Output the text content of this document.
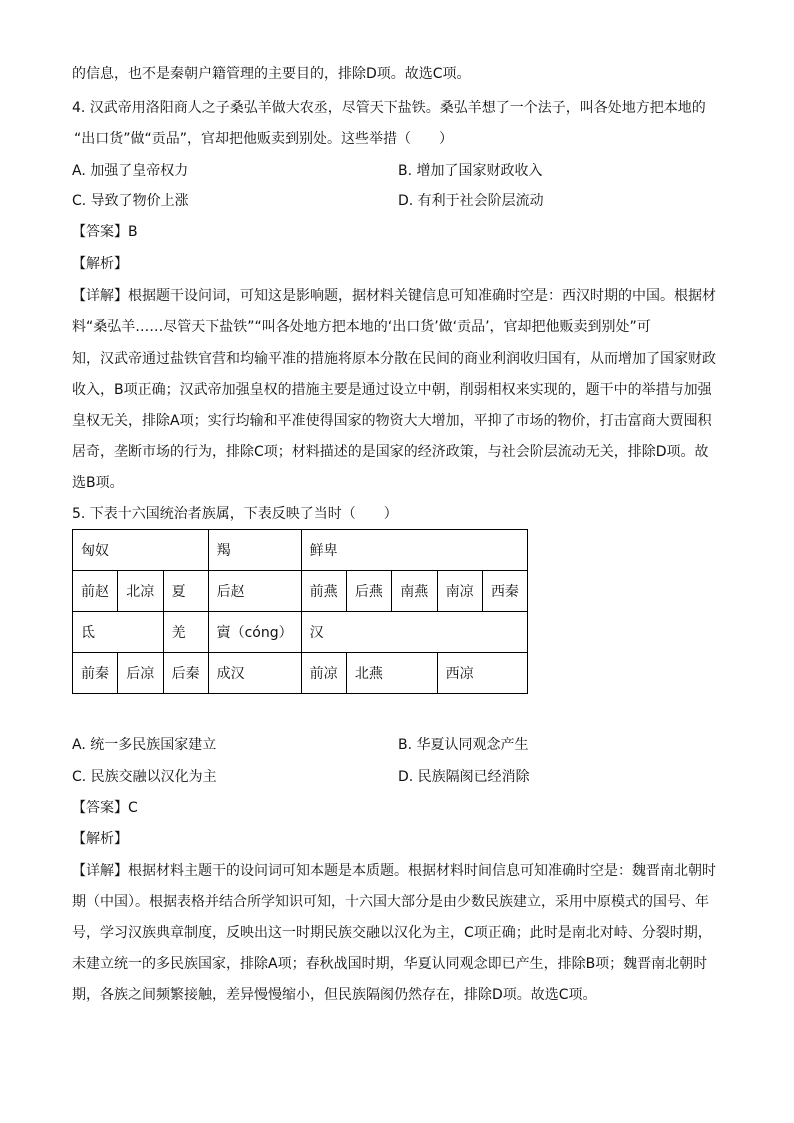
的信息，也不是秦朝户籍管理的主要目的，排除D项。故选C项。
4. 汉武帝用洛阳商人之子桑弘羊做大农丞，尽管天下盐铁。桑弘羊想了一个法子，叫各处地方把本地的
“出口货”做“贡品”，官却把他贩卖到别处。这些举措（　　）
A. 加强了皇帝权力	B. 增加了国家财政收入
C. 导致了物价上涨	D. 有利于社会阶层流动
【答案】B
【解析】
【详解】根据题干设问词，可知这是影响题，据材料关键信息可知准确时空是：西汉时期的中国。根据材
料“桑弘羊……尽管天下盐铁”“叫各处地方把本地的‘出口货’做‘贡品’，官却把他贩卖到别处”可
知，汉武帝通过盐铁官营和均输平准的措施将原本分散在民间的商业利润收归国有，从而增加了国家财政
收入，B项正确；汉武帝加强皇权的措施主要是通过设立中朝，削弱相权来实现的，题干中的举措与加强
皇权无关，排除A项；实行均输和平准使得国家的物资大大增加，平抑了市场的物价，打击富商大贾囤积
居奇，垄断市场的行为，排除C项；材料描述的是国家的经济政策，与社会阶层流动无关，排除D项。故
选B项。
5. 下表十六国统治者族属，下表反映了当时（　　）
匈奴			羯	鲜卑				
前赵	北凉	夏	后赵	前燕	后燕	南燕	南凉	西秦
氐		羌	賨（cóng）	汉				
前秦	后凉	后秦	成汉	前凉	北燕		西凉	
A. 统一多民族国家建立	B. 华夏认同观念产生
C. 民族交融以汉化为主	D. 民族隔阂已经消除
【答案】C
【解析】
【详解】根据材料主题干的设问词可知本题是本质题。根据材料时间信息可知准确时空是：魏晋南北朝时
期（中国）。根据表格并结合所学知识可知，十六国大部分是由少数民族建立，采用中原模式的国号、年
号，学习汉族典章制度，反映出这一时期民族交融以汉化为主，C项正确；此时是南北对峙、分裂时期，
未建立统一的多民族国家，排除A项；春秋战国时期，华夏认同观念即已产生，排除B项；魏晋南北朝时
期，各族之间频繁接触，差异慢慢缩小，但民族隔阂仍然存在，排除D项。故选C项。
